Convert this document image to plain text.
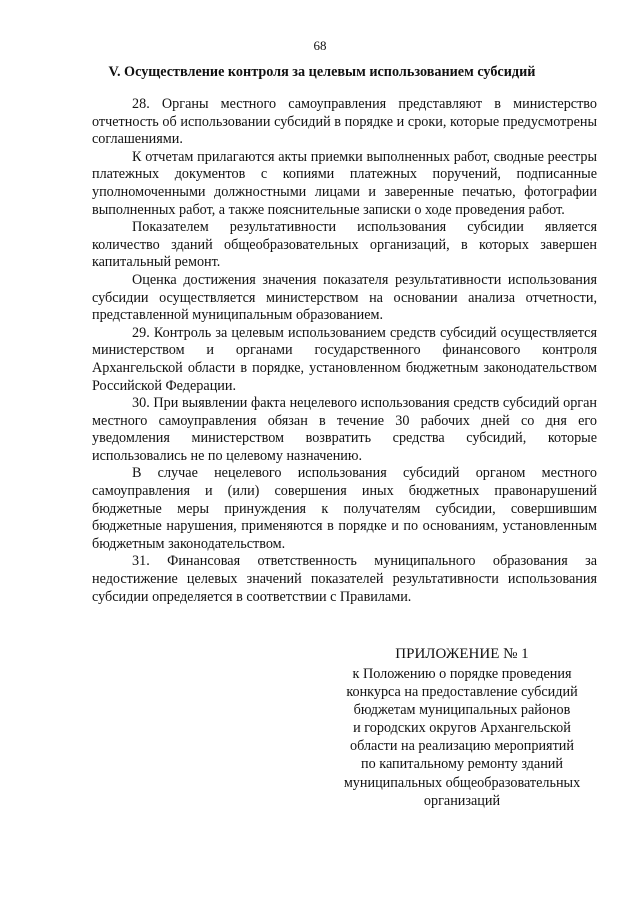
68
V. Осуществление контроля за целевым использованием субсидий

28. Органы местного самоуправления представляют в министерство отчетность об использовании субсидий в порядке и сроки, которые предусмотрены соглашениями.

К отчетам прилагаются акты приемки выполненных работ, сводные реестры платежных документов с копиями платежных поручений, подписанные уполномоченными должностными лицами и заверенные печатью, фотографии выполненных работ, а также пояснительные записки о ходе проведения работ.

Показателем результативности использования субсидии является количество зданий общеобразовательных организаций, в которых завершен капитальный ремонт.

Оценка достижения значения показателя результативности использования субсидии осуществляется министерством на основании анализа отчетности, представленной муниципальным образованием.

29. Контроль за целевым использованием средств субсидий осуществляется министерством и органами государственного финансового контроля Архангельской области в порядке, установленном бюджетным законодательством Российской Федерации.

30. При выявлении факта нецелевого использования средств субсидий орган местного самоуправления обязан в течение 30 рабочих дней со дня его уведомления министерством возвратить средства субсидий, которые использовались не по целевому назначению.

В случае нецелевого использования субсидий органом местного самоуправления и (или) совершения иных бюджетных правонарушений бюджетные меры принуждения к получателям субсидии, совершившим бюджетные нарушения, применяются в порядке и по основаниям, установленным бюджетным законодательством.

31. Финансовая ответственность муниципального образования за недостижение целевых значений показателей результативности использования субсидии определяется в соответствии с Правилами.

ПРИЛОЖЕНИЕ № 1
к Положению о порядке проведения
конкурса на предоставление субсидий
бюджетам муниципальных районов
и городских округов Архангельской
области на реализацию мероприятий
по капитальному ремонту зданий
муниципальных общеобразовательных
организаций
